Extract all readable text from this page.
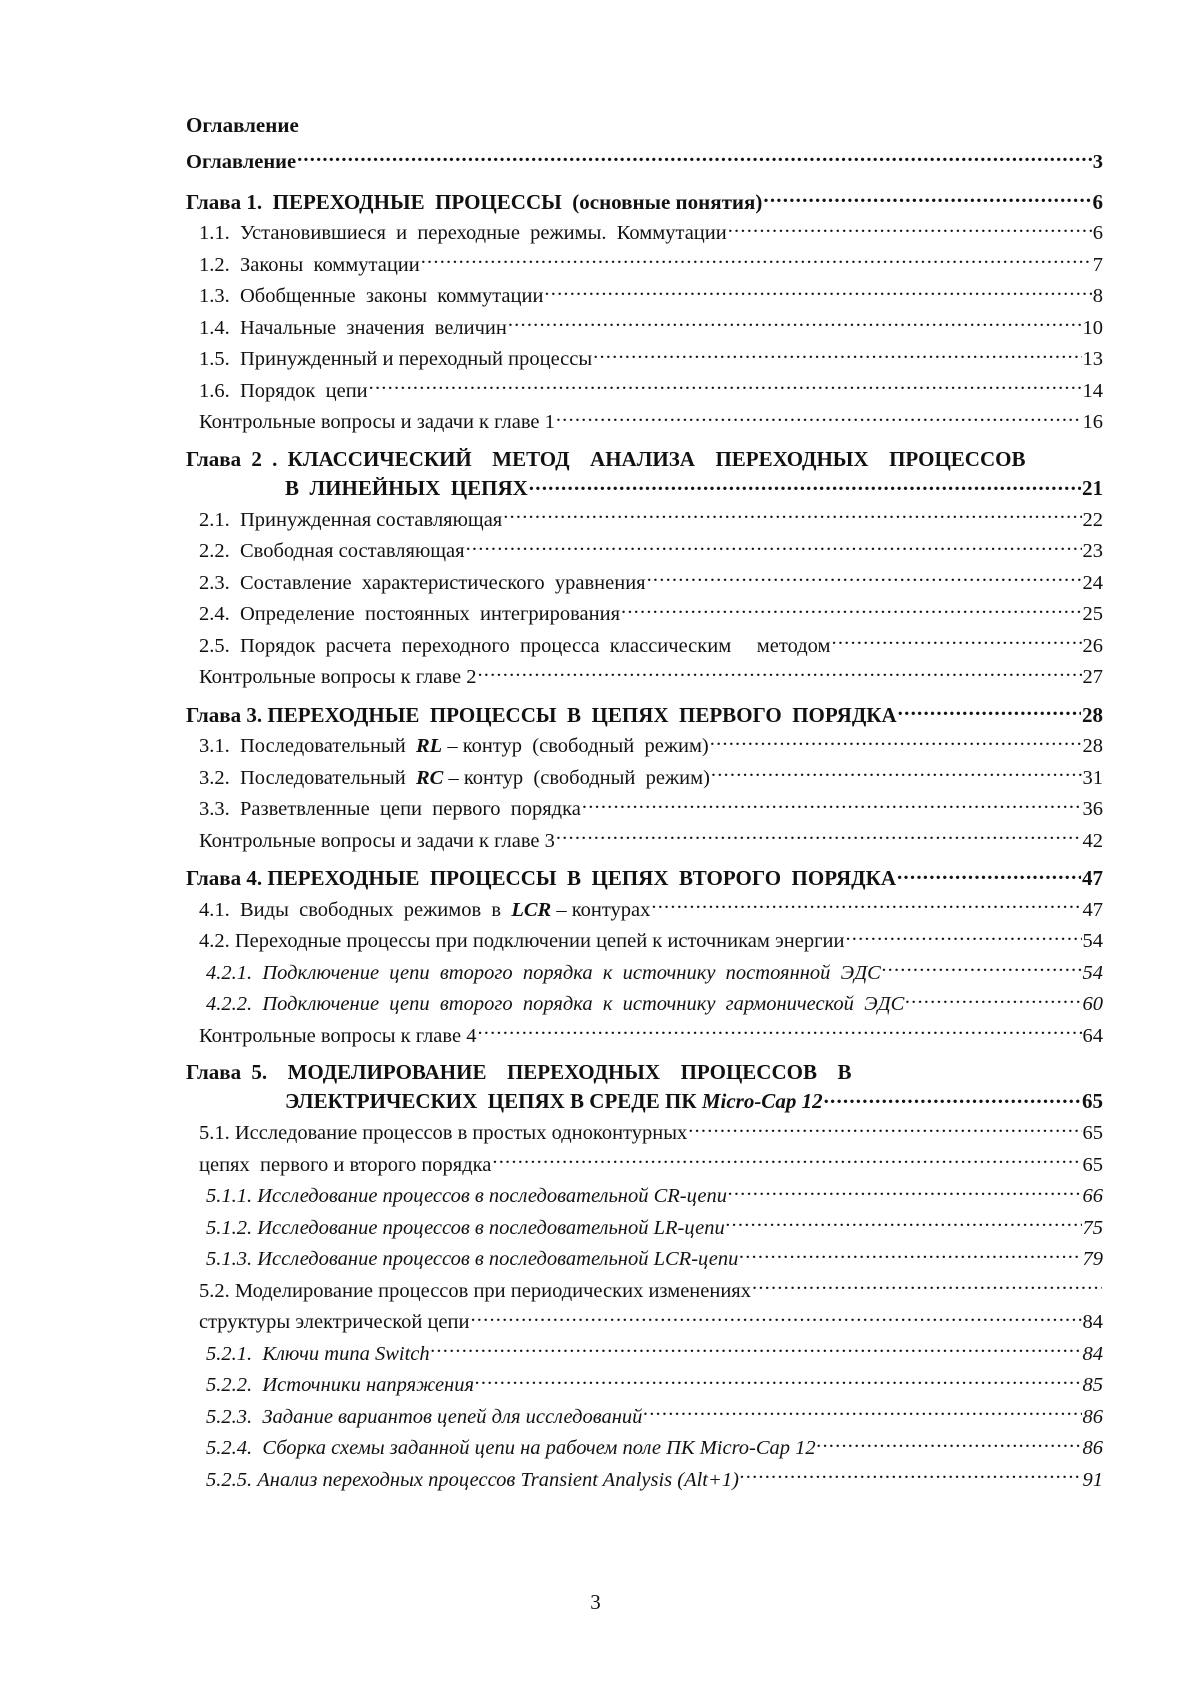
Оглавление
Оглавление .....	3
Глава 1.  ПЕРЕХОДНЫЕ  ПРОЦЕССЫ  (основные понятия) .....	6
1.1.  Установившиеся  и  переходные  режимы.  Коммутации .....	6
1.2.  Законы  коммутации .....	7
1.3.  Обобщенные  законы  коммутации .....	8
1.4.  Начальные  значения  величин .....	10
1.5.  Принужденный и переходный процессы .....	13
1.6.  Порядок  цепи .....	14
Контрольные вопросы и задачи к главе 1 .....	16
Глава 2 . КЛАССИЧЕСКИЙ  МЕТОД  АНАЛИЗА  ПЕРЕХОДНЫХ  ПРОЦЕССОВ
В  ЛИНЕЙНЫХ  ЦЕПЯХ .....	21
2.1.  Принужденная составляющая .....	22
2.2.  Свободная составляющая .....	23
2.3.  Составление  характеристического  уравнения .....	24
2.4.  Определение  постоянных  интегрирования .....	25
2.5.  Порядок  расчета  переходного  процесса  классическим     методом .....	26
Контрольные вопросы к главе 2 .....	27
Глава 3. ПЕРЕХОДНЫЕ  ПРОЦЕССЫ  В  ЦЕПЯХ  ПЕРВОГО  ПОРЯДКА .....	28
3.1.  Последовательный  RL – контур  (свободный  режим) .....	28
3.2.  Последовательный  RC – контур  (свободный  режим) .....	31
3.3.  Разветвленные  цепи  первого  порядка .....	36
Контрольные вопросы и задачи к главе 3 .....	42
Глава 4. ПЕРЕХОДНЫЕ  ПРОЦЕССЫ  В  ЦЕПЯХ  ВТОРОГО  ПОРЯДКА .....	47
4.1.  Виды  свободных  режимов  в  LCR – контурах .....	47
4.2. Переходные процессы при подключении цепей к источникам энергии .....	54
4.2.1.  Подключение  цепи  второго  порядка  к  источнику  постоянной  ЭДС .....	54
4.2.2.  Подключение  цепи  второго  порядка  к  источнику  гармонической  ЭДС .....	60
Контрольные вопросы к главе 4 .....	64
Глава 5.  МОДЕЛИРОВАНИЕ  ПЕРЕХОДНЫХ  ПРОЦЕССОВ  В
ЭЛЕКТРИЧЕСКИХ  ЦЕПЯХ В СРЕДЕ ПК Micro-Cap 12 .....	65
5.1. Исследование процессов в простых одноконтурных .....	65
цепях  первого и второго порядка .....	65
5.1.1. Исследование процессов в последовательной CR-цепи .....	66
5.1.2. Исследование процессов в последовательной LR-цепи .....	75
5.1.3. Исследование процессов в последовательной LCR-цепи .....	79
5.2. Моделирование процессов при периодических изменениях
.....
структуры электрической цепи .....	84
5.2.1.  Ключи типа Switch .....	84
5.2.2.  Источники напряжения .....	85
5.2.3.  Задание вариантов цепей для исследований .....	86
5.2.4.  Сборка схемы заданной цепи на рабочем поле ПК Micro-Cap 12 .....	86
5.2.5. Анализ переходных процессов Transient Analysis (Alt+1) .....	91
3
